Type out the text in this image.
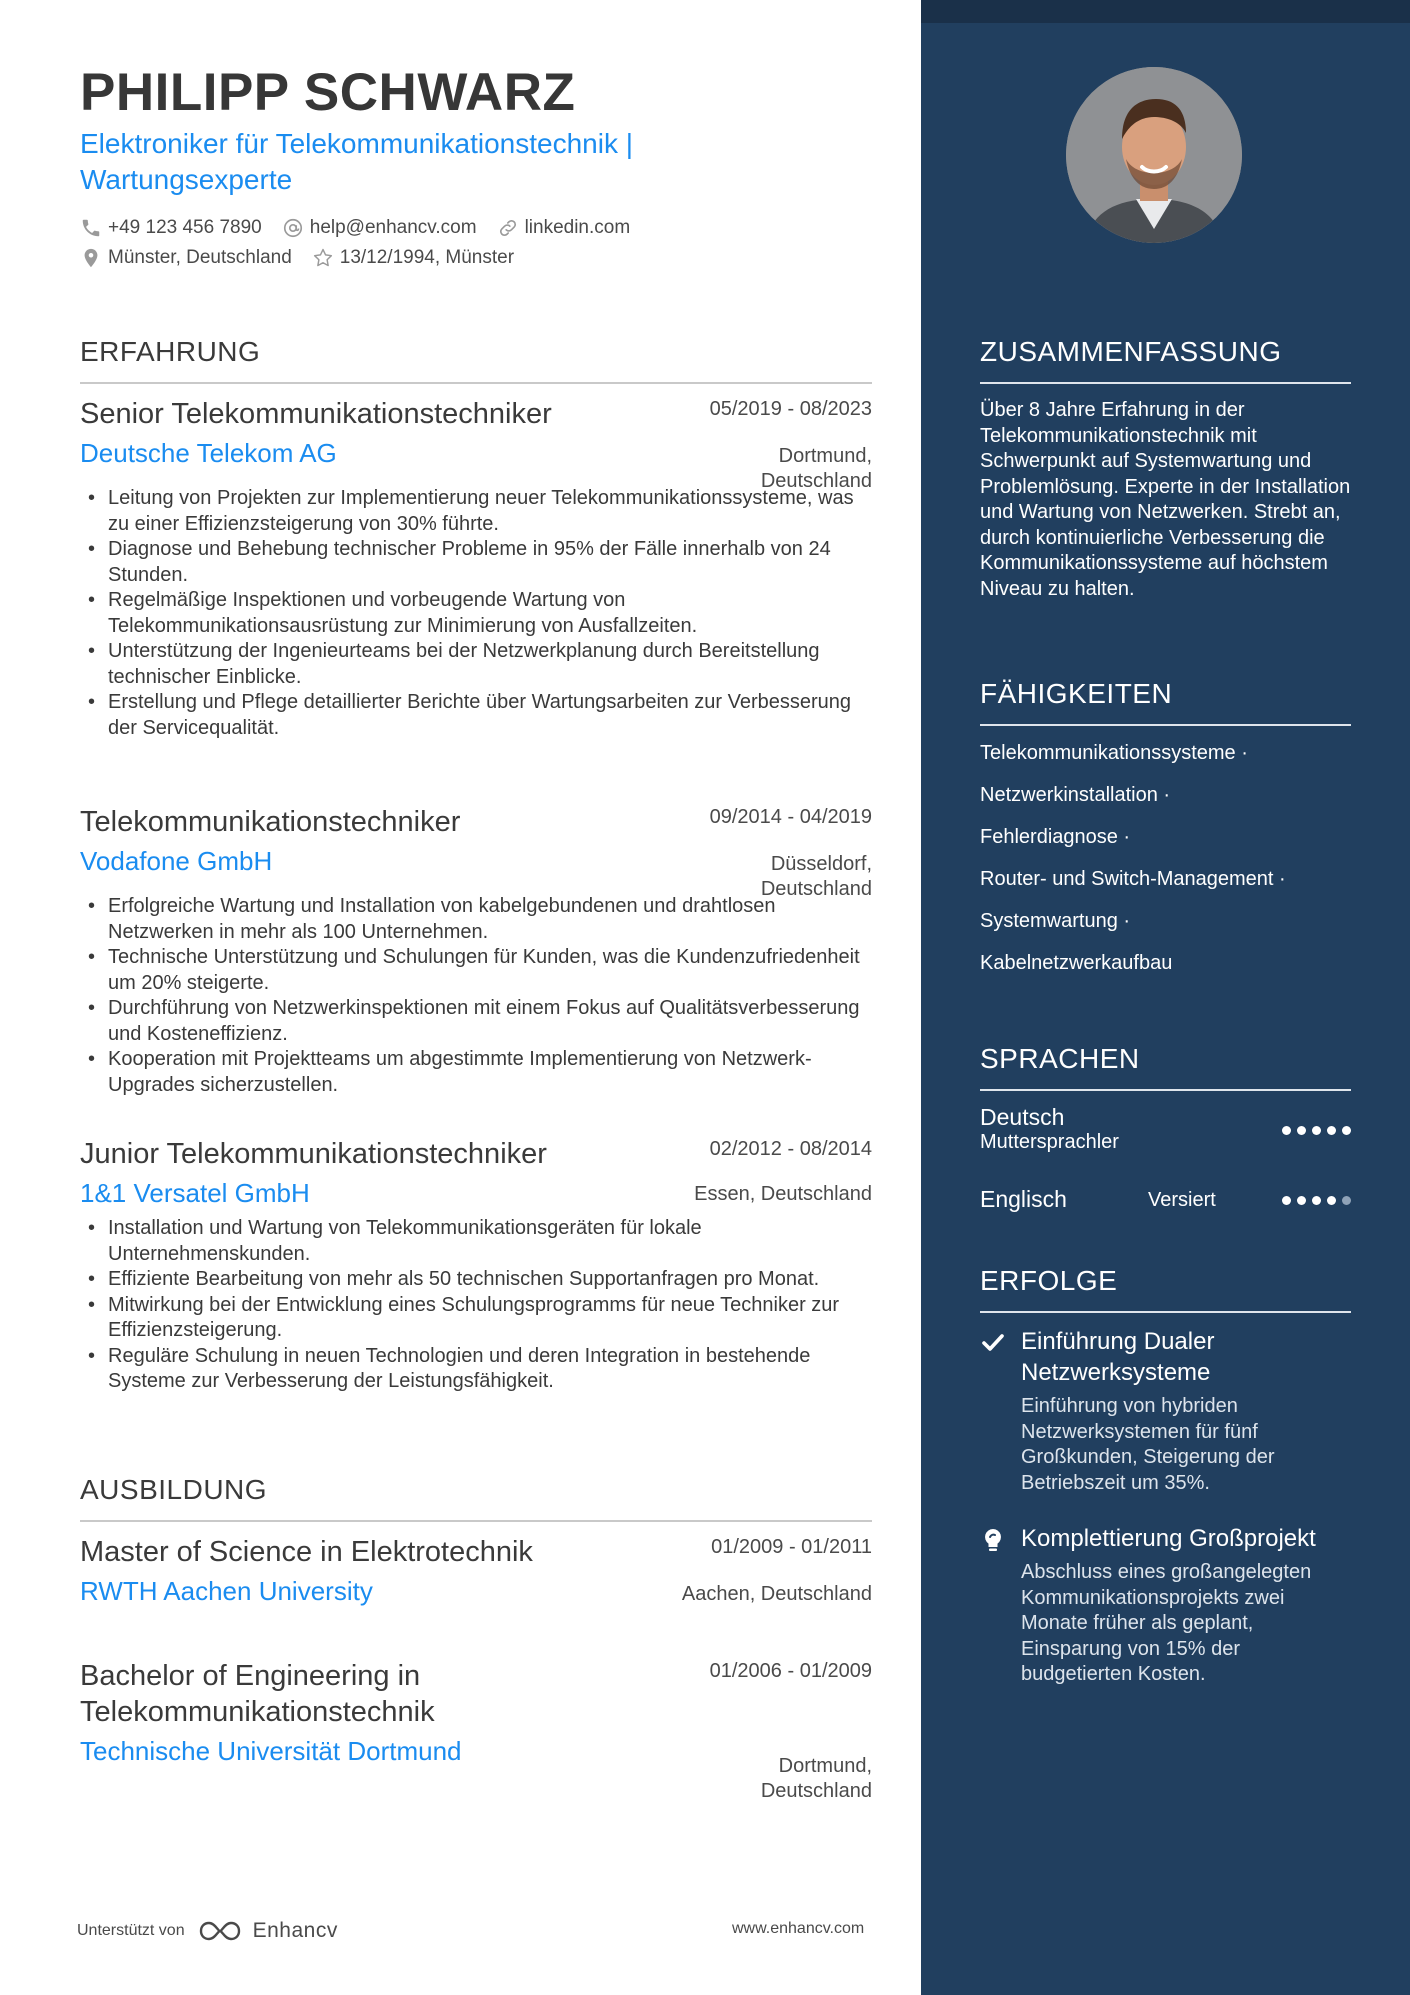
PHILIPP SCHWARZ
Elektroniker für Telekommunikationstechnik | Wartungsexperte
+49 123 456 7890	help@enhancv.com	linkedin.com
Münster, Deutschland	13/12/1994, Münster
ERFAHRUNG
Senior Telekommunikationstechniker	05/2019 - 08/2023
Deutsche Telekom AG	Dortmund, Deutschland
• Leitung von Projekten zur Implementierung neuer Telekommunikationssysteme, was zu einer Effizienzsteigerung von 30% führte.
• Diagnose und Behebung technischer Probleme in 95% der Fälle innerhalb von 24 Stunden.
• Regelmäßige Inspektionen und vorbeugende Wartung von Telekommunikationsausrüstung zur Minimierung von Ausfallzeiten.
• Unterstützung der Ingenieurteams bei der Netzwerkplanung durch Bereitstellung technischer Einblicke.
• Erstellung und Pflege detaillierter Berichte über Wartungsarbeiten zur Verbesserung der Servicequalität.
Telekommunikationstechniker	09/2014 - 04/2019
Vodafone GmbH	Düsseldorf, Deutschland
• Erfolgreiche Wartung und Installation von kabelgebundenen und drahtlosen Netzwerken in mehr als 100 Unternehmen.
• Technische Unterstützung und Schulungen für Kunden, was die Kundenzufriedenheit um 20% steigerte.
• Durchführung von Netzwerkinspektionen mit einem Fokus auf Qualitätsverbesserung und Kosteneffizienz.
• Kooperation mit Projektteams um abgestimmte Implementierung von Netzwerk-Upgrades sicherzustellen.
Junior Telekommunikationstechniker	02/2012 - 08/2014
1&1 Versatel GmbH	Essen, Deutschland
• Installation und Wartung von Telekommunikationsgeräten für lokale Unternehmenskunden.
• Effiziente Bearbeitung von mehr als 50 technischen Supportanfragen pro Monat.
• Mitwirkung bei der Entwicklung eines Schulungsprogramms für neue Techniker zur Effizienzsteigerung.
• Reguläre Schulung in neuen Technologien und deren Integration in bestehende Systeme zur Verbesserung der Leistungsfähigkeit.
AUSBILDUNG
Master of Science in Elektrotechnik	01/2009 - 01/2011
RWTH Aachen University	Aachen, Deutschland
Bachelor of Engineering in Telekommunikationstechnik
01/2006 - 01/2009
Technische Universität Dortmund	Dortmund, Deutschland
Unterstützt von	Enhancv	www.enhancv.com
ZUSAMMENFASSUNG
Über 8 Jahre Erfahrung in der Telekommunikationstechnik mit Schwerpunkt auf Systemwartung und Problemlösung. Experte in der Installation und Wartung von Netzwerken. Strebt an, durch kontinuierliche Verbesserung die Kommunikationssysteme auf höchstem Niveau zu halten.
FÄHIGKEITEN
Telekommunikationssysteme ·
Netzwerkinstallation ·
Fehlerdiagnose ·
Router- und Switch-Management ·
Systemwartung ·
Kabelnetzwerkaufbau
SPRACHEN
Deutsch
Muttersprachler
Englisch	Versiert
ERFOLGE
Einführung Dualer Netzwerksysteme
Einführung von hybriden Netzwerksystemen für fünf Großkunden, Steigerung der Betriebszeit um 35%.
Komplettierung Großprojekt
Abschluss eines großangelegten Kommunikationsprojekts zwei Monate früher als geplant, Einsparung von 15% der budgetierten Kosten.
